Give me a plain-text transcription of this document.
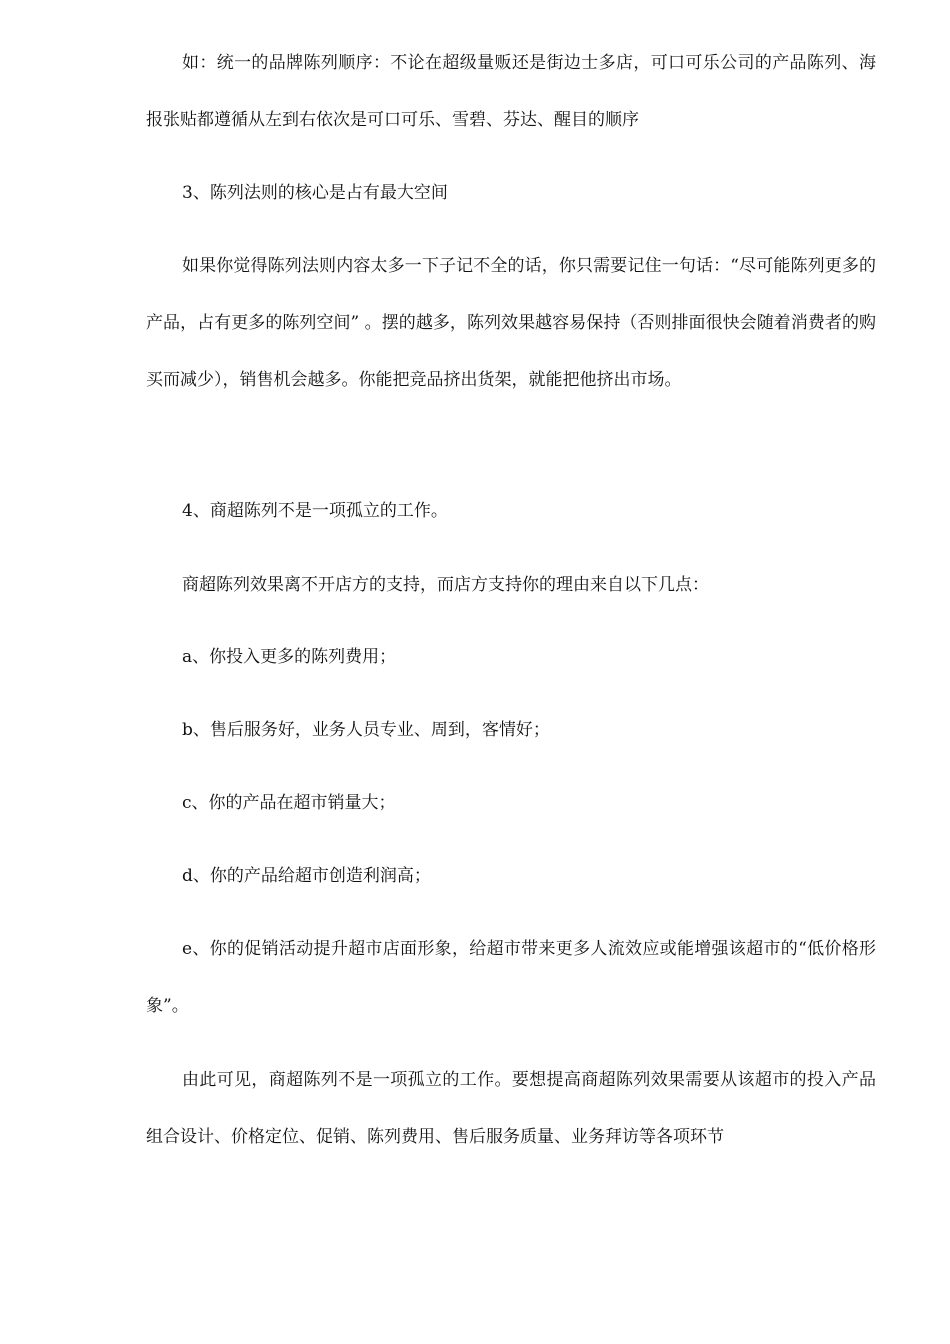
如：统一的品牌陈列顺序：不论在超级量贩还是街边士多店，可口可乐公司的产品陈列、海报张贴都遵循从左到右依次是可口可乐、雪碧、芬达、醒目的顺序

3、陈列法则的核心是占有最大空间

如果你觉得陈列法则内容太多一下子记不全的话，你只需要记住一句话：“尽可能陈列更多的产品，占有更多的陈列空间” 。摆的越多，陈列效果越容易保持（否则排面很快会随着消费者的购买而减少），销售机会越多。你能把竞品挤出货架，就能把他挤出市场。

4、商超陈列不是一项孤立的工作。

商超陈列效果离不开店方的支持，而店方支持你的理由来自以下几点：

a、你投入更多的陈列费用；

b、售后服务好，业务人员专业、周到，客情好；

c、你的产品在超市销量大；

d、你的产品给超市创造利润高；

e、你的促销活动提升超市店面形象，给超市带来更多人流效应或能增强该超市的“低价格形象”。

由此可见，商超陈列不是一项孤立的工作。要想提高商超陈列效果需要从该超市的投入产品组合设计、价格定位、促销、陈列费用、售后服务质量、业务拜访等各项环节
